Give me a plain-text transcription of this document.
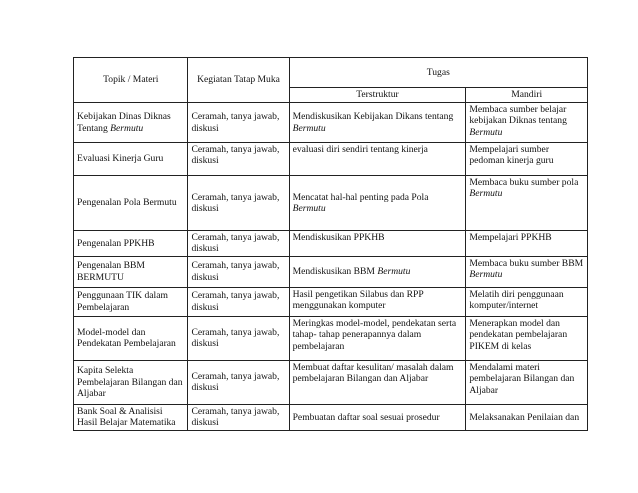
Topik / Materi	Kegiatan Tatap Muka	Tugas	
		Terstruktur	Mandiri
Kebijakan Dinas Diknas Tentang Bermutu	Ceramah, tanya jawab, diskusi	Mendiskusikan Kebijakan Dikans tentang Bermutu	Membaca sumber belajar kebijakan Diknas tentang Bermutu
Evaluasi Kinerja Guru	Ceramah, tanya jawab, diskusi	evaluasi diri sendiri tentang kinerja	Mempelajari sumber pedoman kinerja guru
Pengenalan Pola Bermutu	Ceramah, tanya jawab, diskusi	Mencatat hal-hal penting pada Pola Bermutu	Membaca buku sumber pola Bermutu
Pengenalan PPKHB	Ceramah, tanya jawab, diskusi	Mendiskusikan PPKHB	Mempelajari PPKHB
Pengenalan BBM BERMUTU	Ceramah, tanya jawab, diskusi	Mendiskusikan BBM Bermutu	Membaca buku sumber BBM Bermutu
Penggunaan TIK dalam Pembelajaran	Ceramah, tanya jawab, diskusi	Hasil pengetikan Silabus dan RPP menggunakan komputer	Melatih diri penggunaan komputer/internet
Model-model dan Pendekatan Pembelajaran	Ceramah, tanya jawab, diskusi	Meringkas model-model, pendekatan serta tahap- tahap penerapannya dalam pembelajaran	Menerapkan model dan pendekatan pembelajaran PIKEM di kelas
Kapita Selekta Pembelajaran Bilangan dan Aljabar	Ceramah, tanya jawab, diskusi	Membuat daftar kesulitan/ masalah dalam pembelajaran Bilangan dan Aljabar	Mendalami materi pembelajaran Bilangan dan Aljabar
Bank Soal & Analisisi Hasil Belajar Matematika	Ceramah, tanya jawab, diskusi	Pembuatan daftar soal sesuai prosedur	Melaksanakan Penilaian dan
